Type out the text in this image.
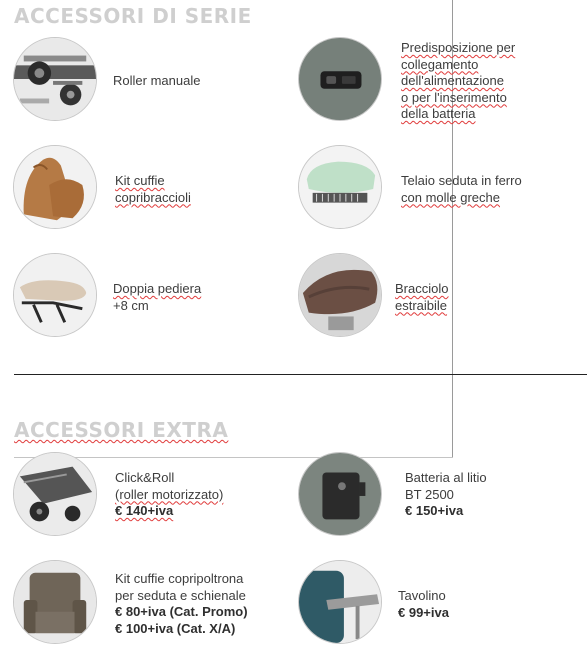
ACCESSORI DI SERIE
ACCESSORI EXTRA
Roller manuale
Predisposizione per
collegamento
dell'alimentazione
o per l'inserimento
della batteria
Kit cuffie
copribraccioli
Telaio seduta in ferro
con molle greche
Doppia pediera
+8 cm
Bracciolo
estraibile
Click&Roll
(roller motorizzato)
€ 140+iva
Batteria al litio
BT 2500
€ 150+iva
Kit cuffie copripoltrona
per seduta e schienale
€ 80+iva (Cat. Promo)
€ 100+iva (Cat. X/A)
Tavolino
€ 99+iva
